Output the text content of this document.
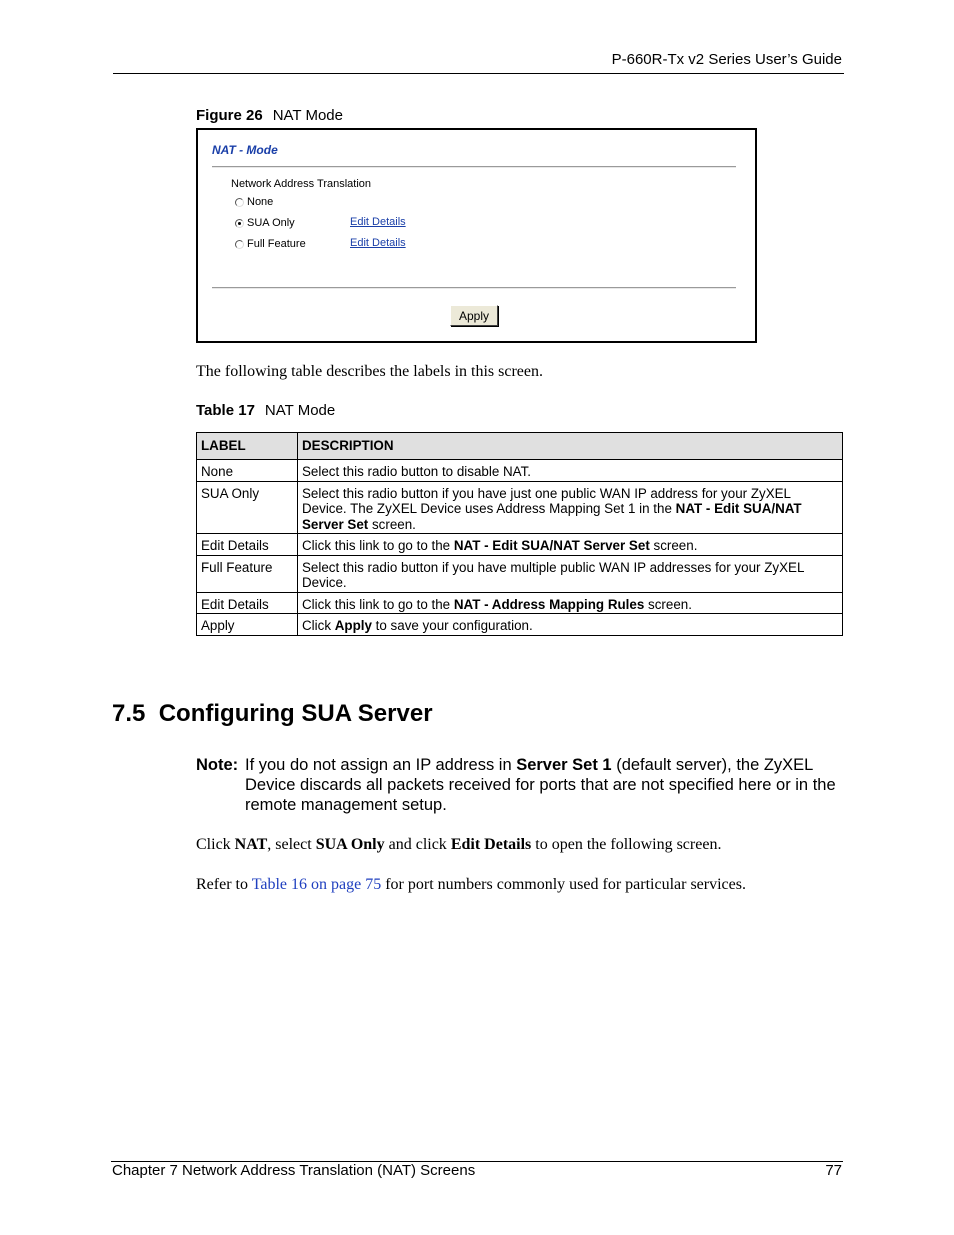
P-660R-Tx v2 Series User’s Guide
Figure 26 NAT Mode
NAT - Mode
Network Address Translation
None
SUA Only	Edit Details
Full Feature	Edit Details
Apply
The following table describes the labels in this screen.
Table 17 NAT Mode
LABEL	DESCRIPTION
None	Select this radio button to disable NAT.
SUA Only	Select this radio button if you have just one public WAN IP address for your ZyXEL Device. The ZyXEL Device uses Address Mapping Set 1 in the NAT - Edit SUA/NAT Server Set screen.
Edit Details	Click this link to go to the NAT - Edit SUA/NAT Server Set screen.
Full Feature	Select this radio button if you have multiple public WAN IP addresses for your ZyXEL Device.
Edit Details	Click this link to go to the NAT - Address Mapping Rules screen.
Apply	Click Apply to save your configuration.
7.5 Configuring SUA Server
Note: If you do not assign an IP address in Server Set 1 (default server), the ZyXEL Device discards all packets received for ports that are not specified here or in the remote management setup.
Click NAT, select SUA Only and click Edit Details to open the following screen.
Refer to Table 16 on page 75 for port numbers commonly used for particular services.
Chapter 7 Network Address Translation (NAT) Screens	77
